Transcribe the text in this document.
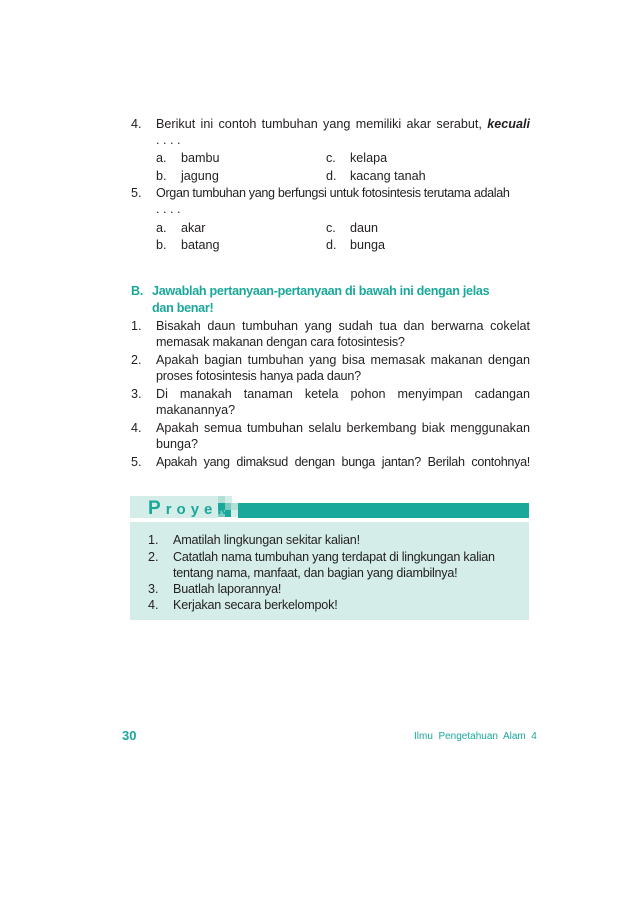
4. Berikut ini contoh tumbuhan yang memiliki akar serabut, kecuali
. . . .
a. bambu	c. kelapa
b. jagung	d. kacang tanah
5. Organ tumbuhan yang berfungsi untuk fotosintesis terutama adalah
. . . .
a. akar	c. daun
b. batang	d. bunga
B. Jawablah pertanyaan-pertanyaan di bawah ini dengan jelas
dan benar!
1. Bisakah daun tumbuhan yang sudah tua dan berwarna cokelat
memasak makanan dengan cara fotosintesis?
2. Apakah bagian tumbuhan yang bisa memasak makanan dengan
proses fotosintesis hanya pada daun?
3. Di manakah tanaman ketela pohon menyimpan cadangan
makanannya?
4. Apakah semua tumbuhan selalu berkembang biak menggunakan
bunga?
5. Apakah yang dimaksud dengan bunga jantan? Berilah contohnya!
Proyek
1. Amatilah lingkungan sekitar kalian!
2. Catatlah nama tumbuhan yang terdapat di lingkungan kalian
tentang nama, manfaat, dan bagian yang diambilnya!
3. Buatlah laporannya!
4. Kerjakan secara berkelompok!
30	Ilmu  Pengetahuan  Alam  4
